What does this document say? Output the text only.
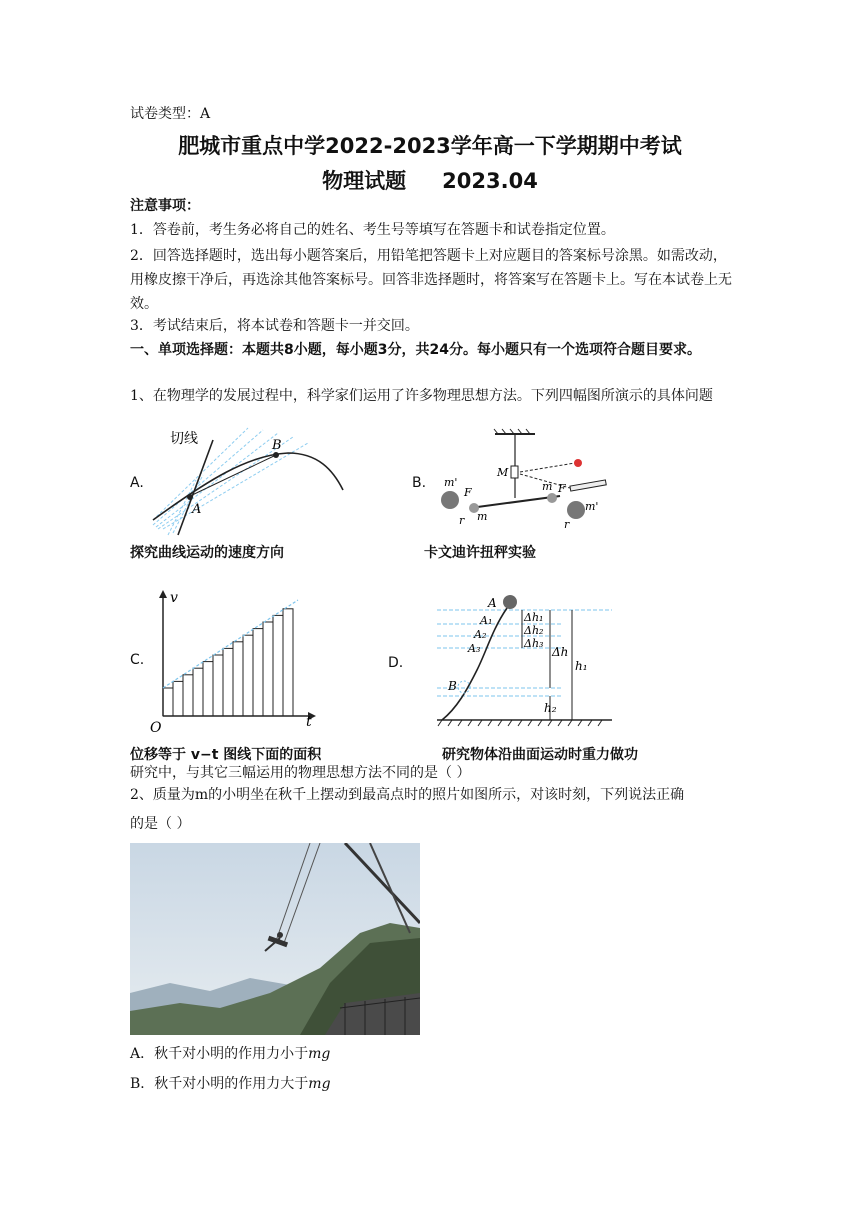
试卷类型：A
肥城市重点中学2022-2023学年高一下学期期中考试
物理试题 2023.04
注意事项：
1．答卷前，考生务必将自己的姓名、考生号等填写在答题卡和试卷指定位置。
2．回答选择题时，选出每小题答案后，用铅笔把答题卡上对应题目的答案标号涂黑。如需改动，用橡皮擦干净后，再选涂其他答案标号。回答非选择题时，将答案写在答题卡上。写在本试卷上无效。
3．考试结束后，将本试卷和答题卡一并交回。
一、单项选择题：本题共8小题，每小题3分，共24分。每小题只有一个选项符合题目要求。
1、在物理学的发展过程中，科学家们运用了许多物理思想方法。下列四幅图所演示的具体问题
A.
切线
A
B
探究曲线运动的速度方向
B. m'
m'
m
m
F	F
r	r
M
卡文迪许扭秤实验
C.
v
t
O
位移等于 v−t 图线下面的面积
D.
A
A₁
A₂
A₃
B
Δh₁
Δh₂
Δh₃
Δh
h₁
h₂
研究物体沿曲面运动时重力做功
研究中，与其它三幅运用的物理思想方法不同的是（ ）
2、质量为m的小明坐在秋千上摆动到最高点时的照片如图所示，对该时刻，下列说法正确
的是（ ）
A．秋千对小明的作用力小于mg
B．秋千对小明的作用力大于mg
